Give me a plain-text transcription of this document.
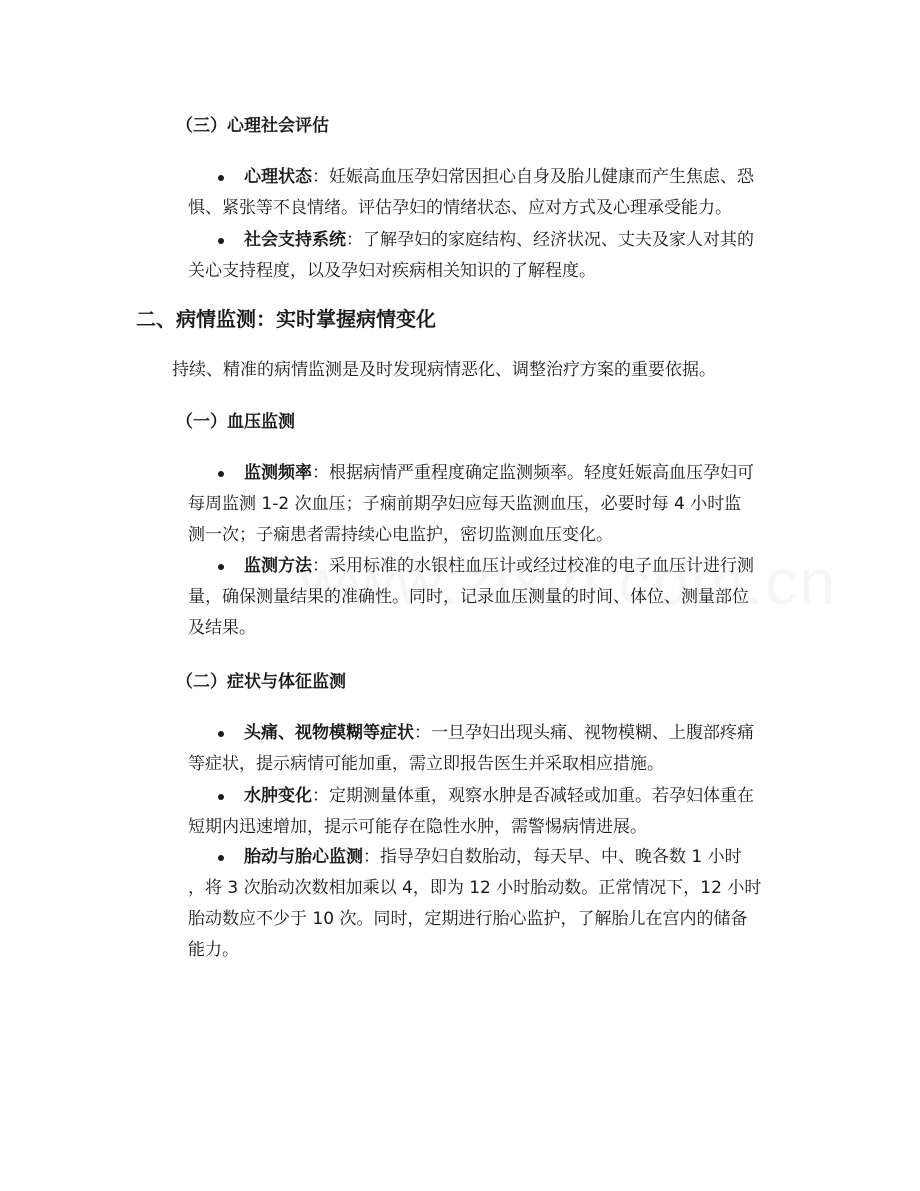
（三）心理社会评估
心理状态：妊娠高血压孕妇常因担心自身及胎儿健康而产生焦虑、恐
惧、紧张等不良情绪。评估孕妇的情绪状态、应对方式及心理承受能力。
社会支持系统：了解孕妇的家庭结构、经济状况、丈夫及家人对其的
关心支持程度，以及孕妇对疾病相关知识的了解程度。
二、病情监测：实时掌握病情变化
持续、精准的病情监测是及时发现病情恶化、调整治疗方案的重要依据。
（一）血压监测
监测频率：根据病情严重程度确定监测频率。轻度妊娠高血压孕妇可
每周监测 1-2 次血压；子痫前期孕妇应每天监测血压，必要时每 4 小时监
测一次；子痫患者需持续心电监护，密切监测血压变化。
监测方法：采用标准的水银柱血压计或经过校准的电子血压计进行测
量，确保测量结果的准确性。同时，记录血压测量的时间、体位、测量部位
及结果。
（二）症状与体征监测
头痛、视物模糊等症状：一旦孕妇出现头痛、视物模糊、上腹部疼痛
等症状，提示病情可能加重，需立即报告医生并采取相应措施。
水肿变化：定期测量体重，观察水肿是否减轻或加重。若孕妇体重在
短期内迅速增加，提示可能存在隐性水肿，需警惕病情进展。
胎动与胎心监测：指导孕妇自数胎动，每天早、中、晚各数 1 小时
，将 3 次胎动次数相加乘以 4，即为 12 小时胎动数。正常情况下，12 小时
胎动数应不少于 10 次。同时，定期进行胎心监护，了解胎儿在宫内的储备
能力。
